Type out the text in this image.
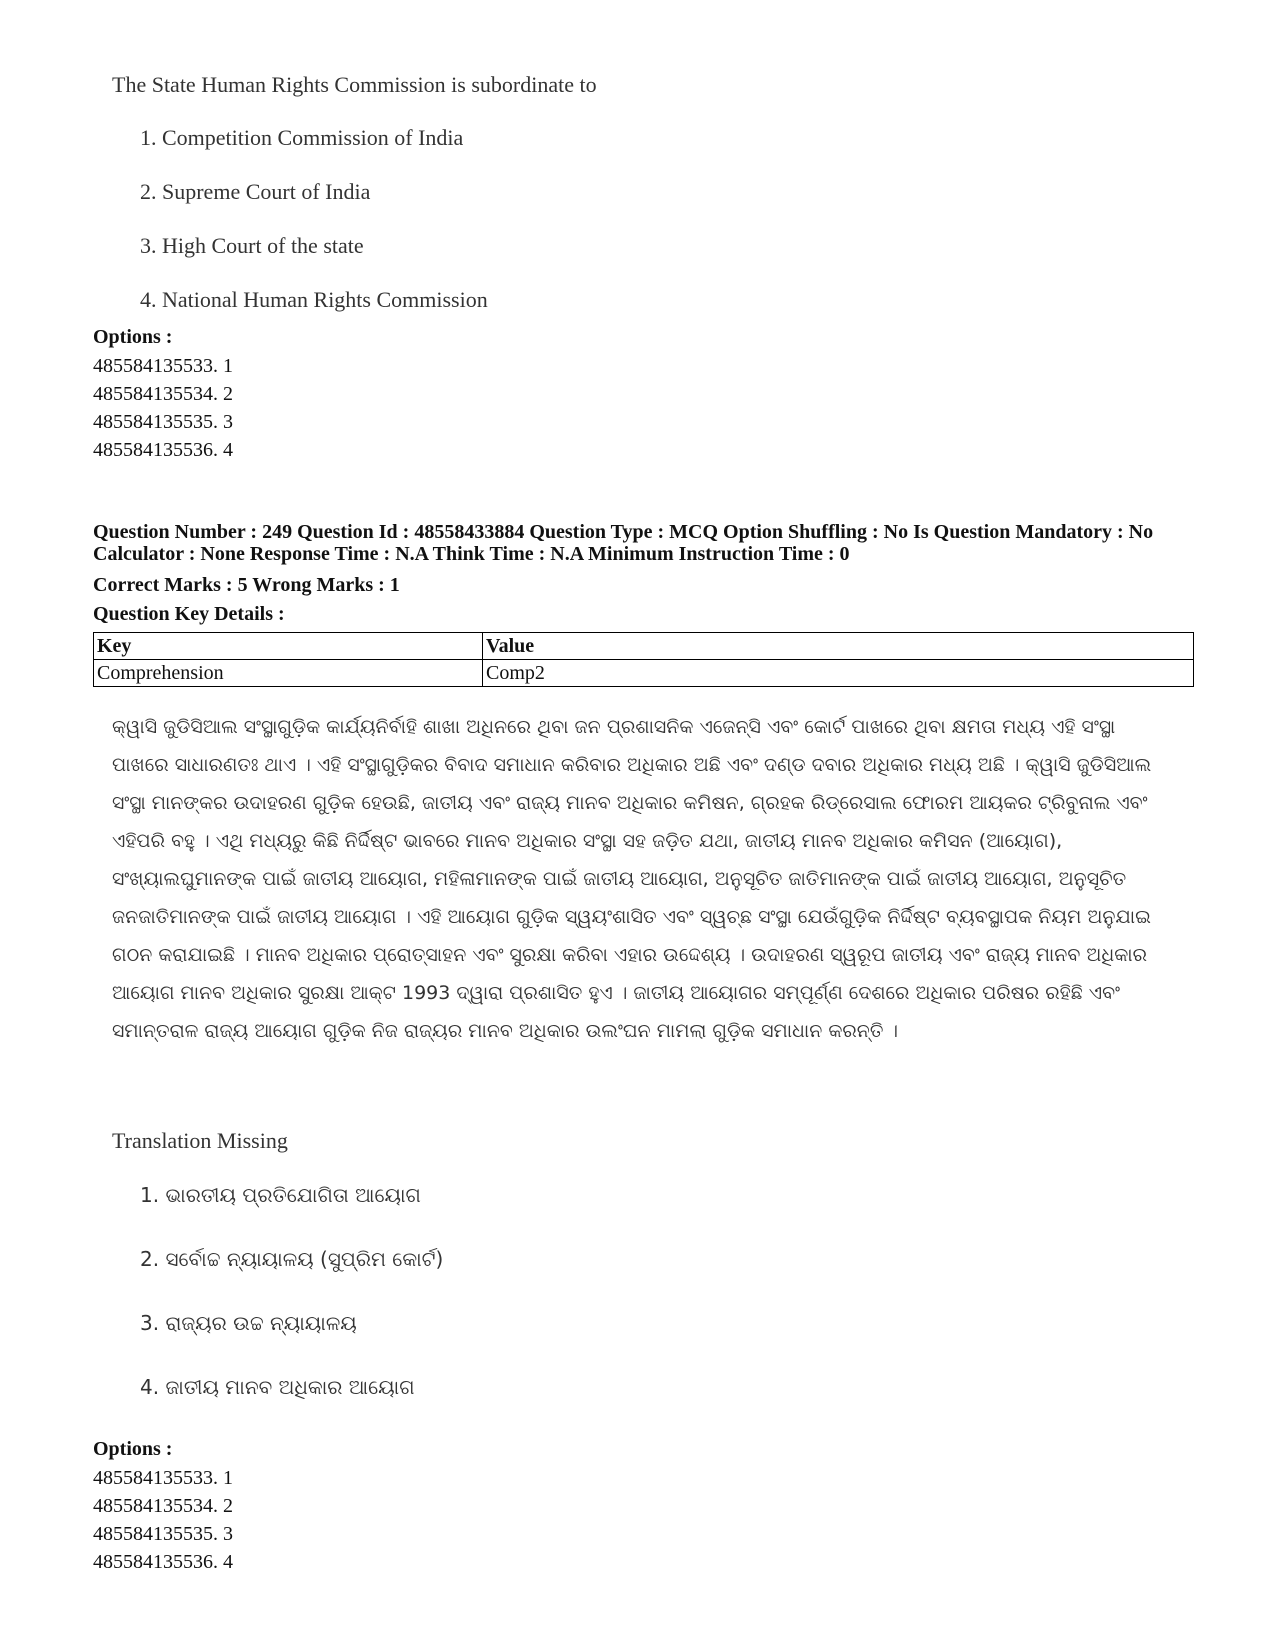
The State Human Rights Commission is subordinate to
1. Competition Commission of India
2. Supreme Court of India
3. High Court of the state
4. National Human Rights Commission
Options :
485584135533. 1
485584135534. 2
485584135535. 3
485584135536. 4
Question Number : 249 Question Id : 48558433884 Question Type : MCQ Option Shuffling : No Is Question Mandatory : No Calculator : None Response Time : N.A Think Time : N.A Minimum Instruction Time : 0
Correct Marks : 5 Wrong Marks : 1
Question Key Details :
Key	Value
Comprehension	Comp2
କ୍ୱାସି ଜୁଡିସିଆଲ ସଂସ୍ଥାଗୁଡ଼ିକ କାର୍ଯ୍ୟନିର୍ବାହି ଶାଖା ଅଧିନରେ ଥିବା ଜନ ପ୍ରଶାସନିକ ଏଜେନ୍ସି ଏବଂ କୋର୍ଟ ପାଖରେ ଥିବା କ୍ଷମତା ମଧ୍ୟ ଏହି ସଂସ୍ଥା ପାଖରେ ସାଧାରଣତଃ ଥାଏ । ଏହି ସଂସ୍ଥାଗୁଡ଼ିକର ବିବାଦ ସମାଧାନ କରିବାର ଅଧିକାର ଅଛି ଏବଂ ଦଣ୍ଡ ଦବାର ଅଧିକାର ମଧ୍ୟ ଅଛି । କ୍ୱାସି ଜୁଡିସିଆଲ ସଂସ୍ଥା ମାନଙ୍କର ଉଦାହରଣ ଗୁଡ଼ିକ ହେଉଛି, ଜାତୀୟ ଏବଂ ରାଜ୍ୟ ମାନବ ଅଧିକାର କମିଷନ, ଗ୍ରହକ ରିଡ୍ରେସାଲ ଫୋରମ ଆୟକର ଟ୍ରିବୁନାଲ ଏବଂ ଏହିପରି ବହୁ । ଏଥି ମଧ୍ୟରୁ କିଛି ନିର୍ଦ୍ଦିଷ୍ଟ ଭାବରେ ମାନବ ଅଧିକାର ସଂସ୍ଥା ସହ ଜଡ଼ିତ ଯଥା, ଜାତୀୟ ମାନବ ଅଧିକାର କମିସନ (ଆୟୋଗ), ସଂଖ୍ୟାଲଘୁମାନଙ୍କ ପାଇଁ ଜାତୀୟ ଆୟୋଗ, ମହିଳାମାନଙ୍କ ପାଇଁ ଜାତୀୟ ଆୟୋଗ, ଅନୁସୂଚିତ ଜାତିମାନଙ୍କ ପାଇଁ ଜାତୀୟ ଆୟୋଗ, ଅନୁସୂଚିତ ଜନଜାତିମାନଙ୍କ ପାଇଁ ଜାତୀୟ ଆୟୋଗ । ଏହି ଆୟୋଗ ଗୁଡ଼ିକ ସ୍ୱୟଂଶାସିତ ଏବଂ ସ୍ୱଚ୍ଛ ସଂସ୍ଥା ଯେଉଁଗୁଡ଼ିକ ନିର୍ଦ୍ଦିଷ୍ଟ ବ୍ୟବସ୍ଥାପକ ନିୟମ ଅନୁଯାଇ ଗଠନ କରାଯାଇଛି । ମାନବ ଅଧିକାର ପ୍ରୋତ୍ସାହନ ଏବଂ ସୁରକ୍ଷା କରିବା ଏହାର ଉଦ୍ଦେଶ୍ୟ । ଉଦାହରଣ ସ୍ୱରୂପ ଜାତୀୟ ଏବଂ ରାଜ୍ୟ ମାନବ ଅଧିକାର ଆୟୋଗ ମାନବ ଅଧିକାର ସୁରକ୍ଷା ଆକ୍ଟ 1993 ଦ୍ୱାରା ପ୍ରଶାସିତ ହୁଏ । ଜାତୀୟ ଆୟୋଗର ସମ୍ପୂର୍ଣ୍ଣ ଦେଶରେ ଅଧିକାର ପରିଷର ରହିଛି ଏବଂ ସମାନ୍ତରାଳ ରାଜ୍ୟ ଆୟୋଗ ଗୁଡ଼ିକ ନିଜ ରାଜ୍ୟର ମାନବ ଅଧିକାର ଉଲଂଘନ ମାମଲା ଗୁଡ଼ିକ ସମାଧାନ କରନ୍ତି ।
Translation Missing
1. ଭାରତୀୟ ପ୍ରତିଯୋଗିତା ଆୟୋଗ
2. ସର୍ବୋଚ୍ଚ ନ୍ୟାୟାଳୟ (ସୁପ୍ରିମ କୋର୍ଟ)
3. ରାଜ୍ୟର ଉଚ୍ଚ ନ୍ୟାୟାଳୟ
4. ଜାତୀୟ ମାନବ ଅଧିକାର ଆୟୋଗ
Options :
485584135533. 1
485584135534. 2
485584135535. 3
485584135536. 4
